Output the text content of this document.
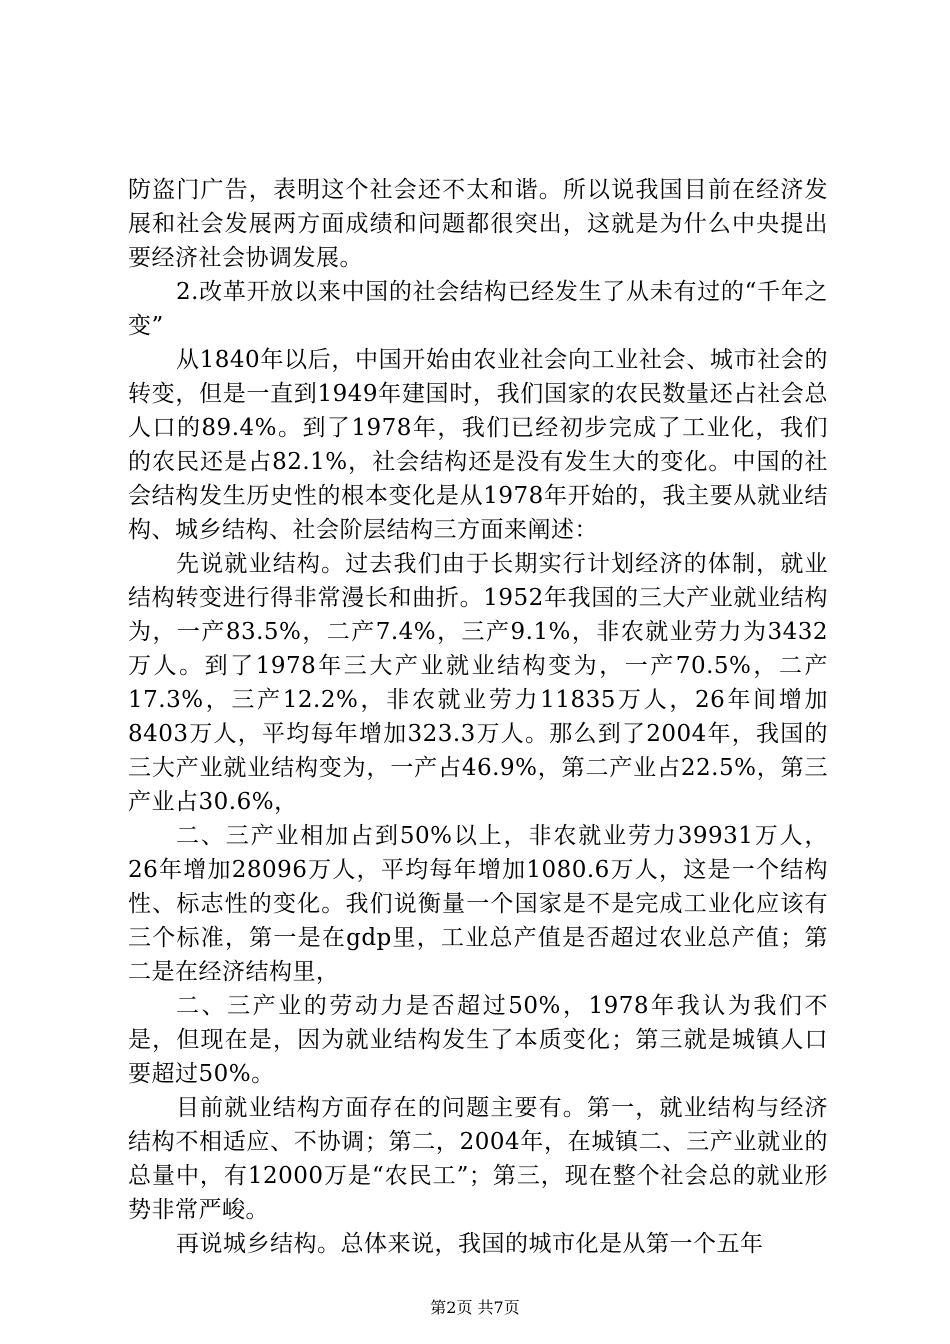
防盗门广告，表明这个社会还不太和谐。所以说我国目前在经济发展和社会发展两方面成绩和问题都很突出，这就是为什么中央提出要经济社会协调发展。

2.改革开放以来中国的社会结构已经发生了从未有过的“千年之变”

从1840年以后，中国开始由农业社会向工业社会、城市社会的转变，但是一直到1949年建国时，我们国家的农民数量还占社会总人口的89.4%。到了1978年，我们已经初步完成了工业化，我们的农民还是占82.1%，社会结构还是没有发生大的变化。中国的社会结构发生历史性的根本变化是从1978年开始的，我主要从就业结构、城乡结构、社会阶层结构三方面来阐述：

先说就业结构。过去我们由于长期实行计划经济的体制，就业结构转变进行得非常漫长和曲折。1952年我国的三大产业就业结构为，一产83.5%，二产7.4%，三产9.1%，非农就业劳力为3432万人。到了1978年三大产业就业结构变为，一产70.5%，二产17.3%，三产12.2%，非农就业劳力11835万人，26年间增加8403万人，平均每年增加323.3万人。那么到了2004年，我国的三大产业就业结构变为，一产占46.9%，第二产业占22.5%，第三产业占30.6%，

二、三产业相加占到50%以上，非农就业劳力39931万人，26年增加28096万人，平均每年增加1080.6万人，这是一个结构性、标志性的变化。我们说衡量一个国家是不是完成工业化应该有三个标准，第一是在gdp里，工业总产值是否超过农业总产值；第二是在经济结构里，

二、三产业的劳动力是否超过50%，1978年我认为我们不是，但现在是，因为就业结构发生了本质变化；第三就是城镇人口要超过50%。

目前就业结构方面存在的问题主要有。第一，就业结构与经济结构不相适应、不协调；第二，2004年，在城镇二、三产业就业的总量中，有12000万是“农民工”；第三，现在整个社会总的就业形势非常严峻。

再说城乡结构。总体来说，我国的城市化是从第一个五年

第2页 共7页
